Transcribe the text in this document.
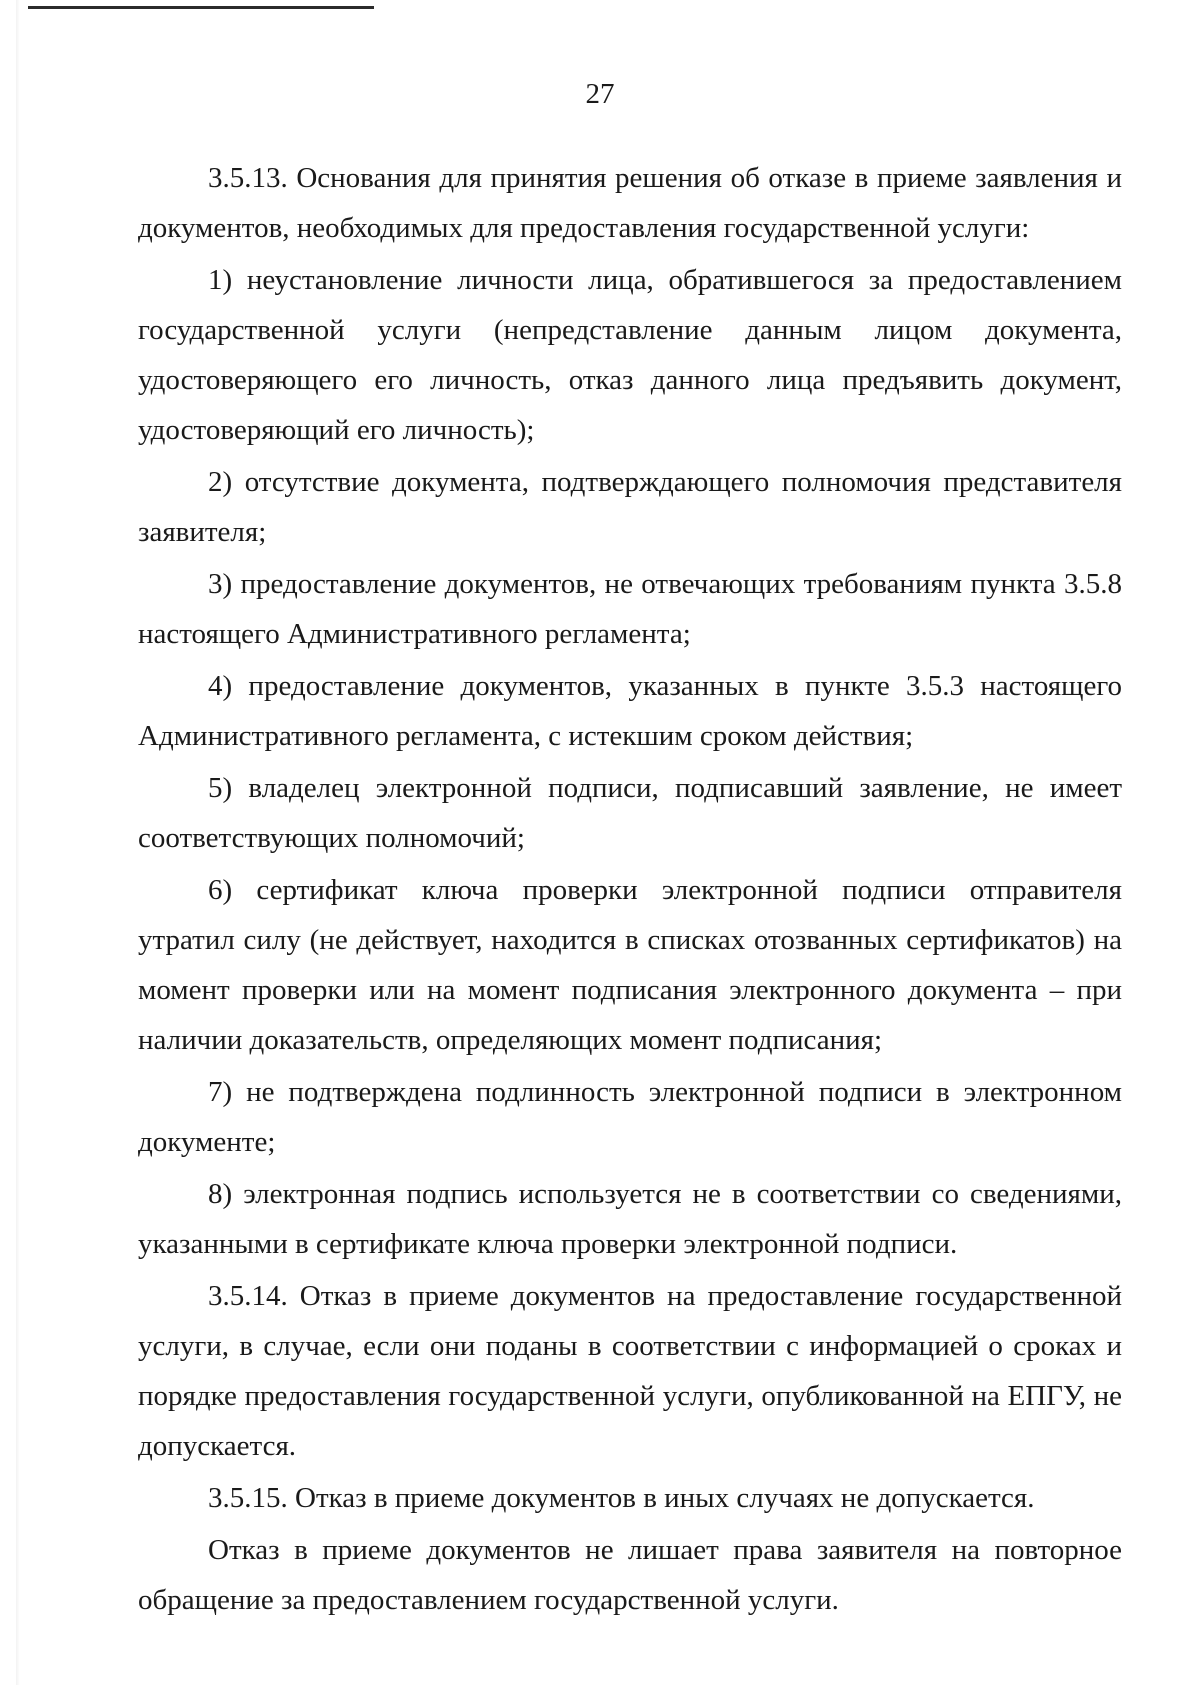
27

3.5.13. Основания для принятия решения об отказе в приеме заявления и документов, необходимых для предоставления государственной услуги:

1) неустановление личности лица, обратившегося за предоставлением государственной услуги (непредставление данным лицом документа, удостоверяющего его личность, отказ данного лица предъявить документ, удостоверяющий его личность);

2) отсутствие документа, подтверждающего полномочия представителя заявителя;

3) предоставление документов, не отвечающих требованиям пункта 3.5.8 настоящего Административного регламента;

4) предоставление документов, указанных в пункте 3.5.3 настоящего Административного регламента, с истекшим сроком действия;

5) владелец электронной подписи, подписавший заявление, не имеет соответствующих полномочий;

6) сертификат ключа проверки электронной подписи отправителя утратил силу (не действует, находится в списках отозванных сертификатов) на момент проверки или на момент подписания электронного документа – при наличии доказательств, определяющих момент подписания;

7) не подтверждена подлинность электронной подписи в электронном документе;

8) электронная подпись используется не в соответствии со сведениями, указанными в сертификате ключа проверки электронной подписи.

3.5.14. Отказ в приеме документов на предоставление государственной услуги, в случае, если они поданы в соответствии с информацией о сроках и порядке предоставления государственной услуги, опубликованной на ЕПГУ, не допускается.

3.5.15. Отказ в приеме документов в иных случаях не допускается.

Отказ в приеме документов не лишает права заявителя на повторное обращение за предоставлением государственной услуги.
